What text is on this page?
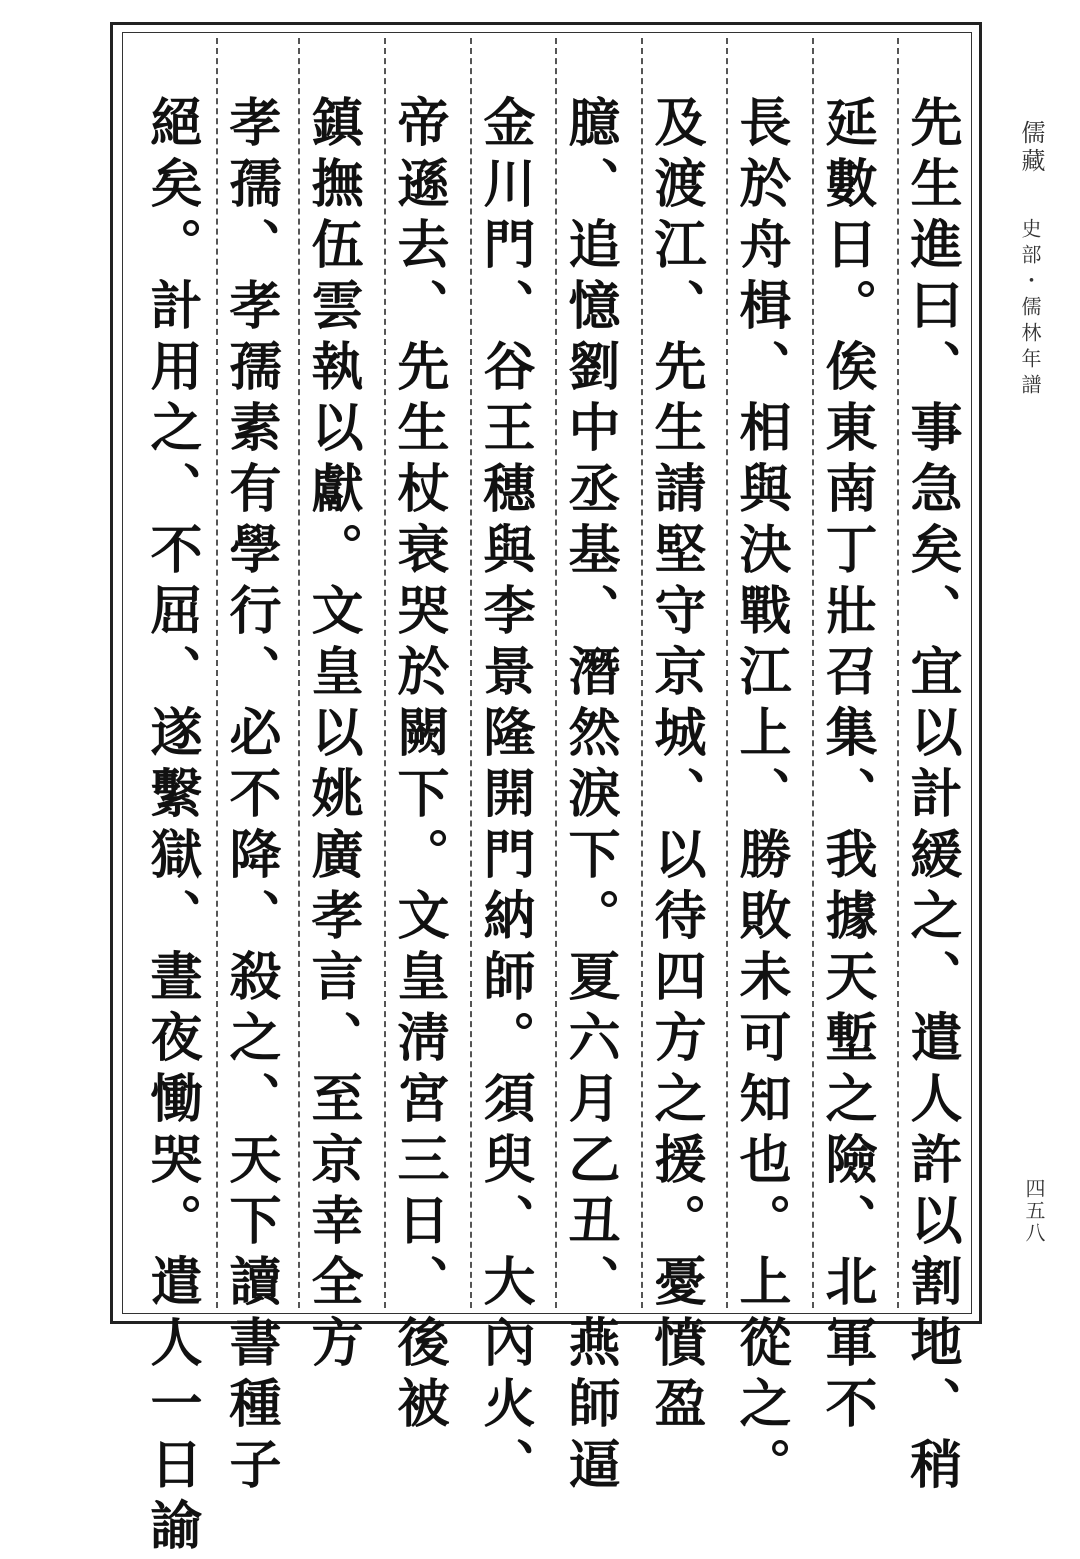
先生進曰、事急矣、宜以計緩之、遣人許以割地、稍
延數日。俟東南丁壯召集、我據天塹之險、北軍不
長於舟楫、相與決戰江上、勝敗未可知也。上從之。
及渡江、先生請堅守京城、以待四方之援。憂憤盈
臆、追憶劉中丞基、潛然淚下。夏六月乙丑、燕師逼
金川門、谷王穗與李景隆開門納師。須臾、大內火、
帝遜去、先生杖衰哭於闕下。文皇淸宮三日、後被
鎮撫伍雲執以獻。文皇以姚廣孝言、至京幸全方
孝孺、孝孺素有學行、必不降、殺之、天下讀書種子
絕矣。計用之、不屈、遂繫獄、晝夜慟哭。遣人一日諭	儒藏
史部・儒林年譜
四五八
